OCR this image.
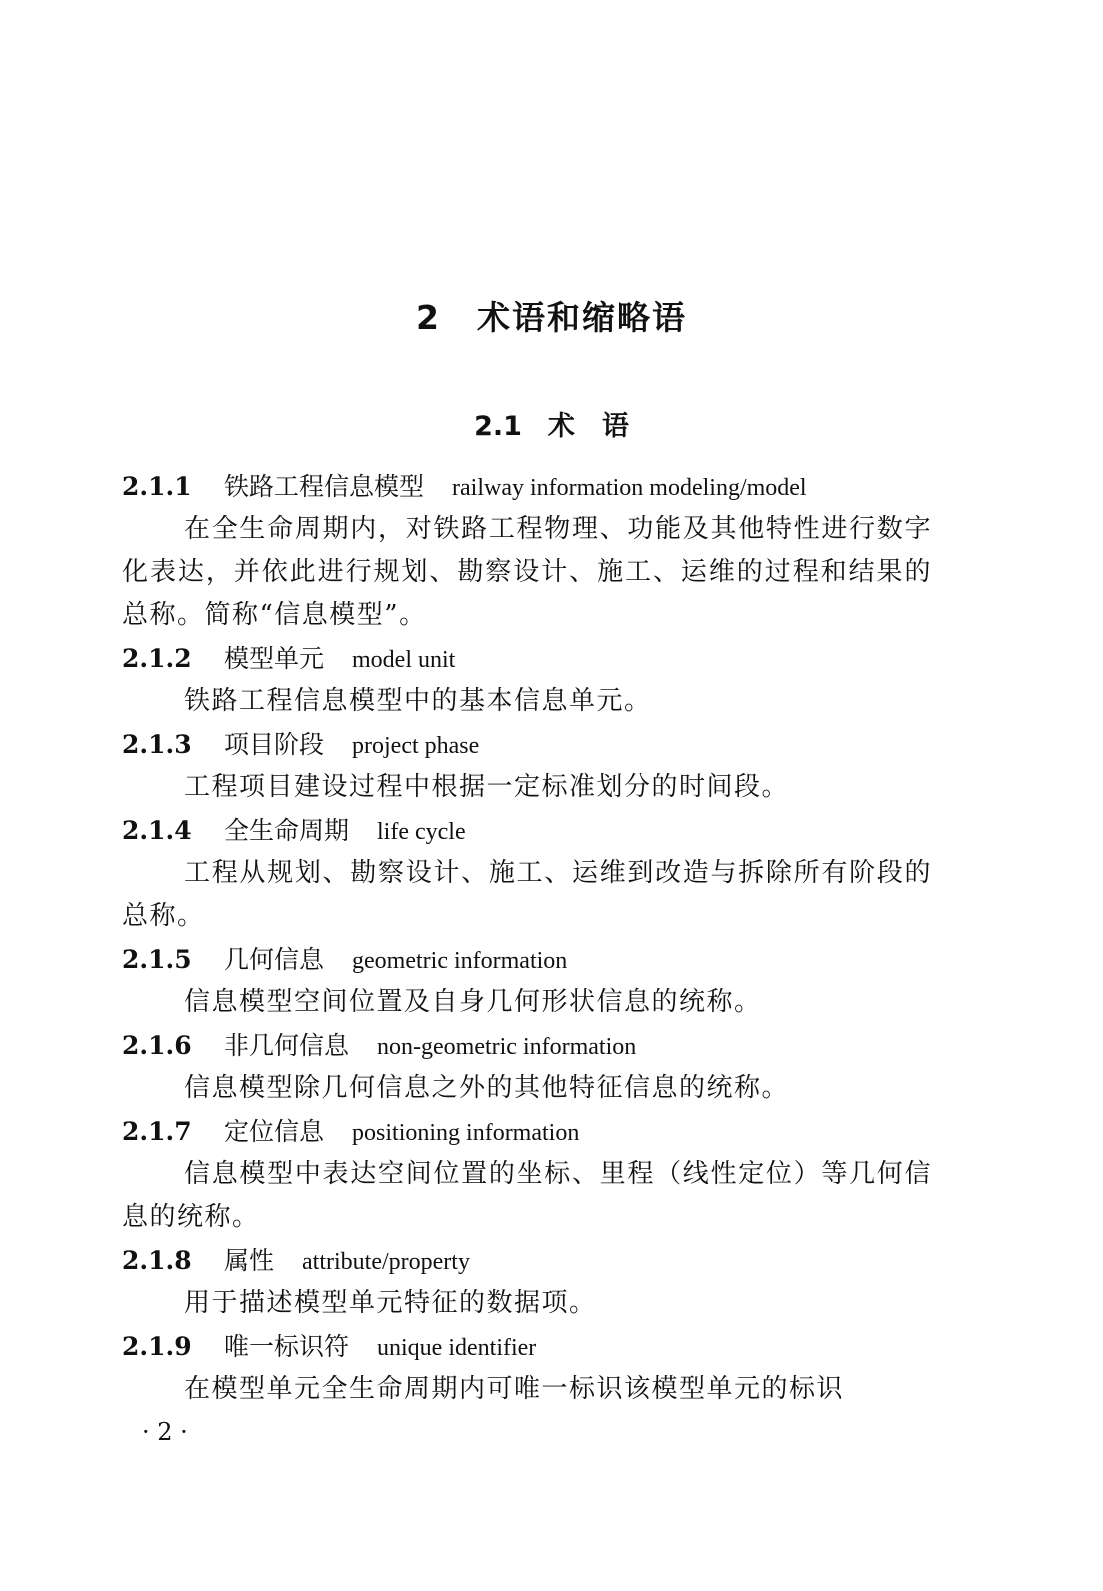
2 术语和缩略语
2.1 术　语
2.1.1 铁路工程信息模型 railway information modeling/model
在全生命周期内，对铁路工程物理、功能及其他特性进行数字化表达，并依此进行规划、勘察设计、施工、运维的过程和结果的总称。简称“信息模型”。
2.1.2 模型单元 model unit
铁路工程信息模型中的基本信息单元。
2.1.3 项目阶段 project phase
工程项目建设过程中根据一定标准划分的时间段。
2.1.4 全生命周期 life cycle
工程从规划、勘察设计、施工、运维到改造与拆除所有阶段的总称。
2.1.5 几何信息 geometric information
信息模型空间位置及自身几何形状信息的统称。
2.1.6 非几何信息 non-geometric information
信息模型除几何信息之外的其他特征信息的统称。
2.1.7 定位信息 positioning information
信息模型中表达空间位置的坐标、里程（线性定位）等几何信息的统称。
2.1.8 属性 attribute/property
用于描述模型单元特征的数据项。
2.1.9 唯一标识符 unique identifier
在模型单元全生命周期内可唯一标识该模型单元的标识
· 2 ·
